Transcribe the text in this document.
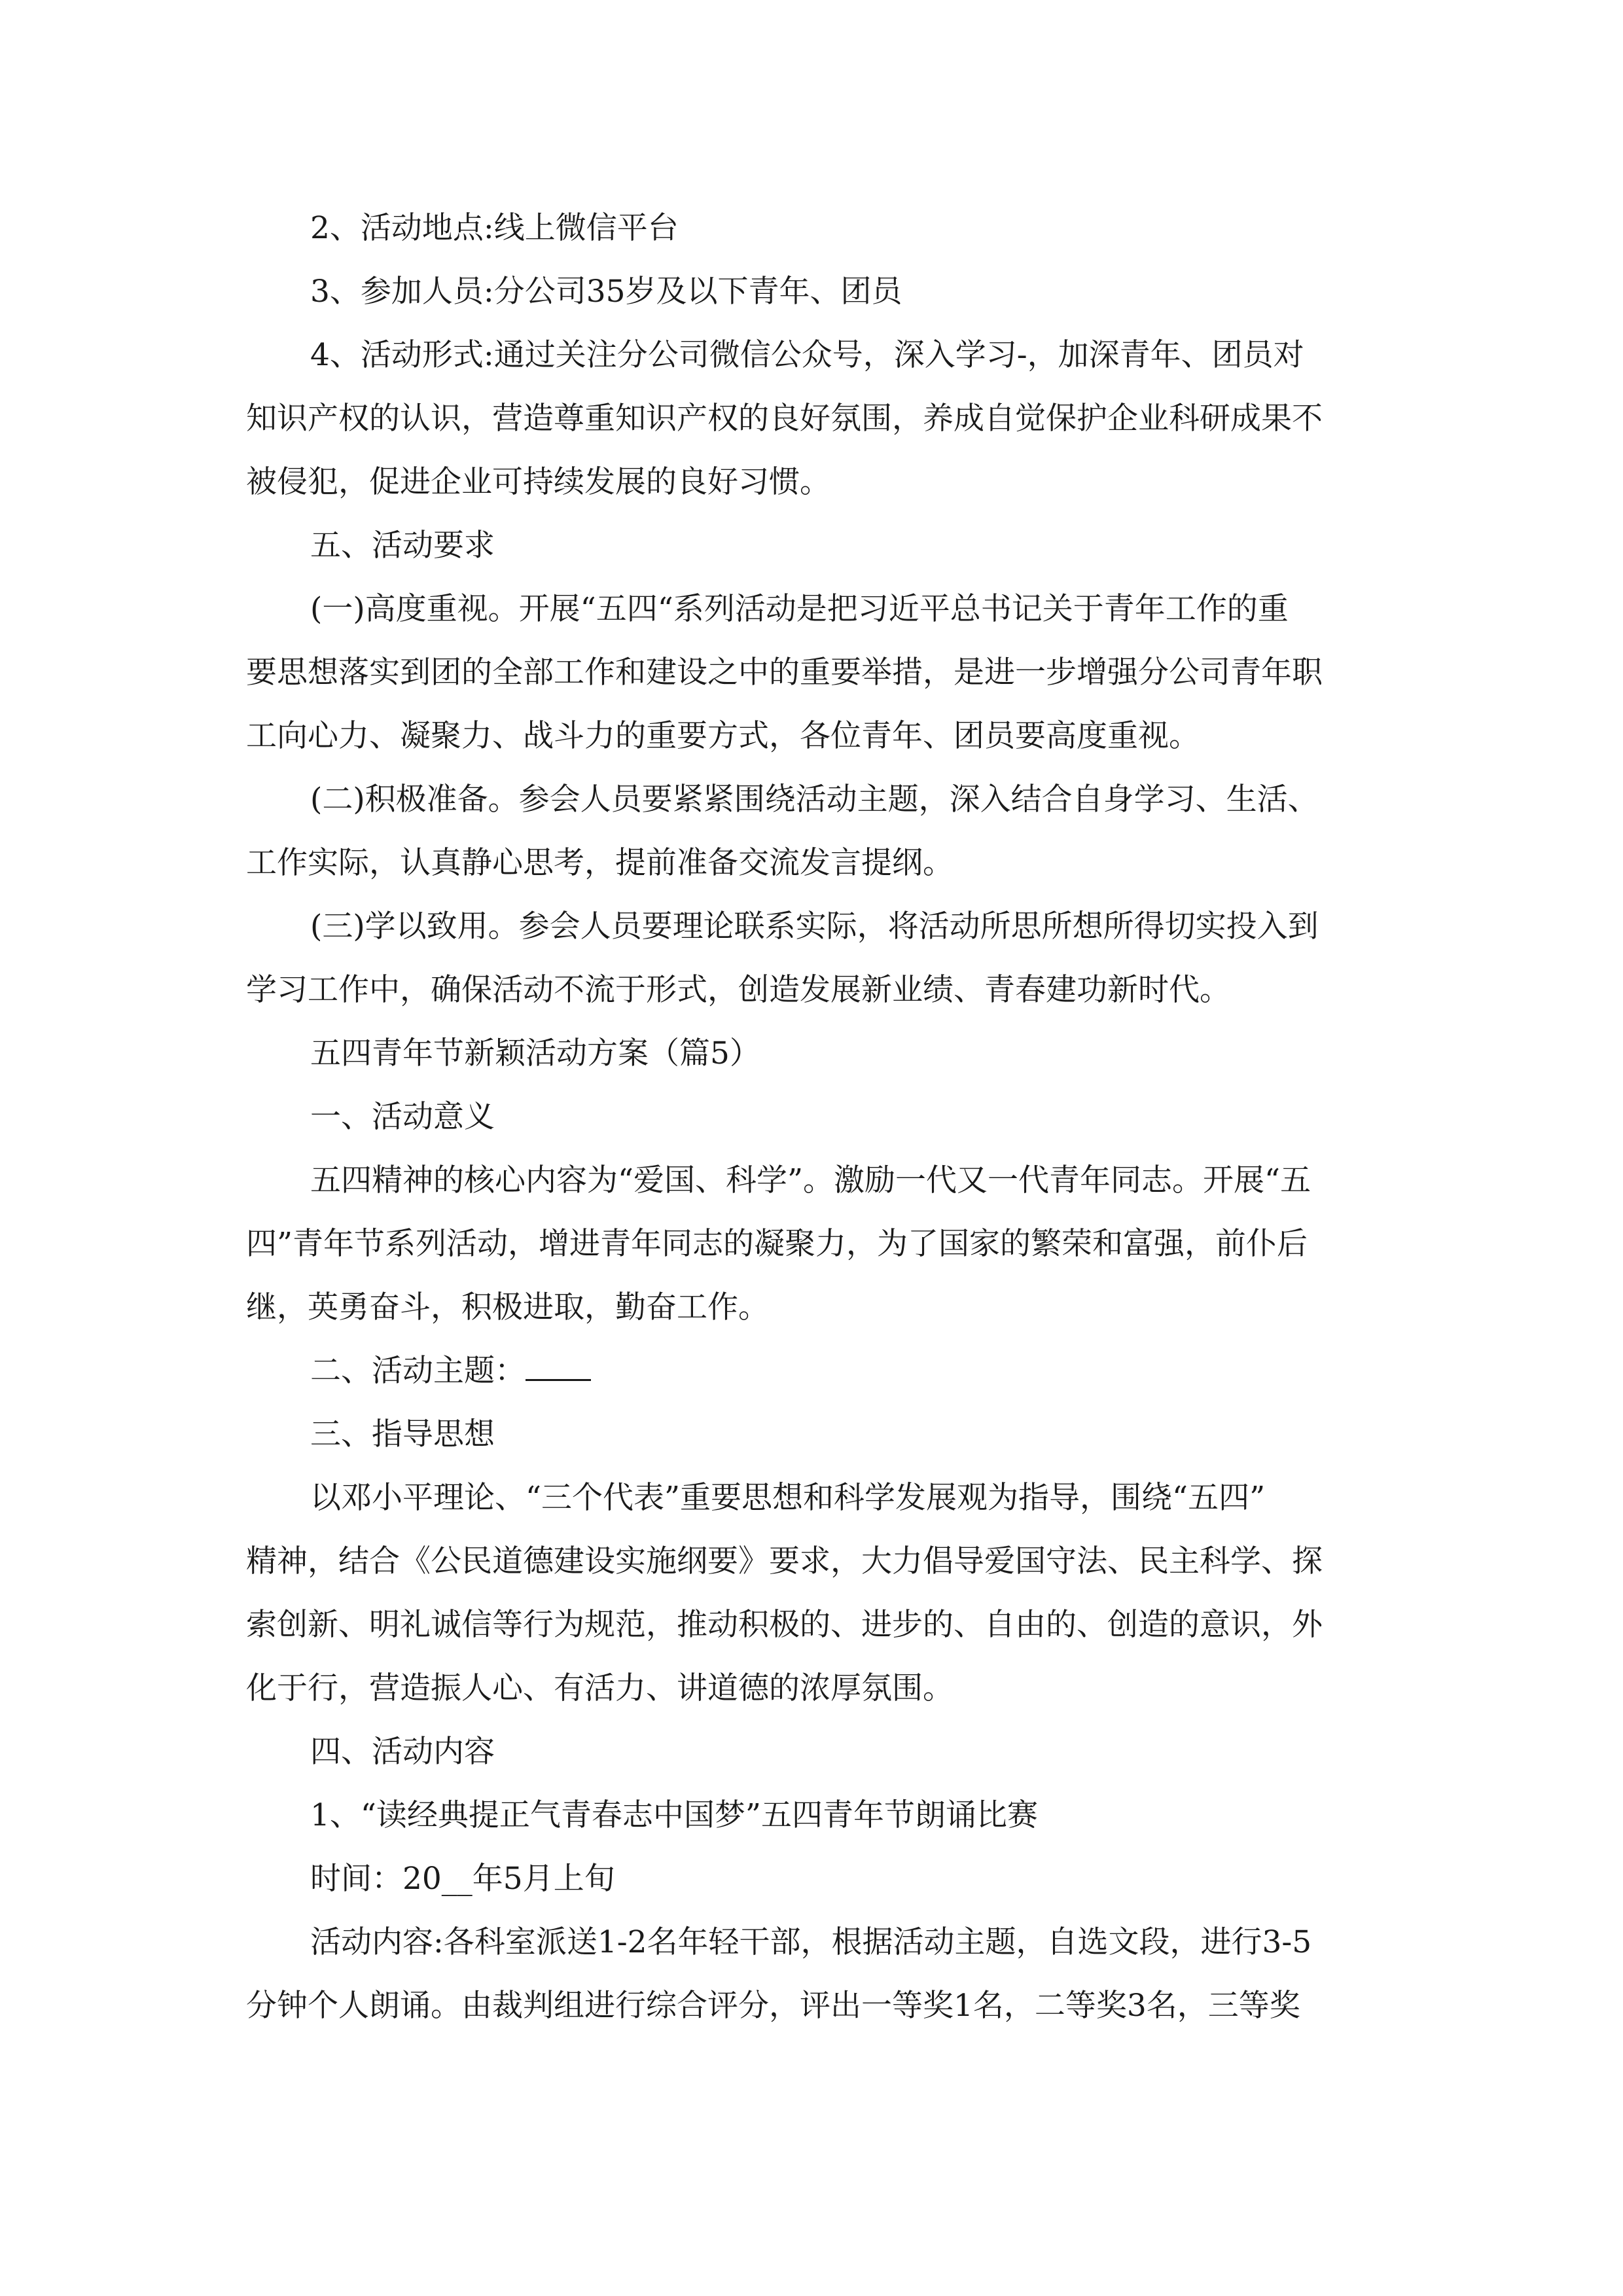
2、活动地点:线上微信平台
3、参加人员:分公司35岁及以下青年、团员
4、活动形式:通过关注分公司微信公众号，深入学习-，加深青年、团员对
知识产权的认识，营造尊重知识产权的良好氛围，养成自觉保护企业科研成果不
被侵犯，促进企业可持续发展的良好习惯。
五、活动要求
(一)高度重视。开展“五四“系列活动是把习近平总书记关于青年工作的重
要思想落实到团的全部工作和建设之中的重要举措，是进一步增强分公司青年职
工向心力、凝聚力、战斗力的重要方式，各位青年、团员要高度重视。
(二)积极准备。参会人员要紧紧围绕活动主题，深入结合自身学习、生活、
工作实际，认真静心思考，提前准备交流发言提纲。
(三)学以致用。参会人员要理论联系实际，将活动所思所想所得切实投入到
学习工作中，确保活动不流于形式，创造发展新业绩、青春建功新时代。
五四青年节新颖活动方案（篇5）
一、活动意义
五四精神的核心内容为“爱国、科学”。激励一代又一代青年同志。开展“五
四”青年节系列活动，增进青年同志的凝聚力，为了国家的繁荣和富强，前仆后
继，英勇奋斗，积极进取，勤奋工作。
二、活动主题：
三、指导思想
以邓小平理论、“三个代表”重要思想和科学发展观为指导，围绕“五四”
精神，结合《公民道德建设实施纲要》要求，大力倡导爱国守法、民主科学、探
索创新、明礼诚信等行为规范，推动积极的、进步的、自由的、创造的意识，外
化于行，营造振人心、有活力、讲道德的浓厚氛围。
四、活动内容
1、“读经典提正气青春志中国梦”五四青年节朗诵比赛
时间：20__年5月上旬
活动内容:各科室派送1-2名年轻干部，根据活动主题，自选文段，进行3-5
分钟个人朗诵。由裁判组进行综合评分，评出一等奖1名，二等奖3名，三等奖
